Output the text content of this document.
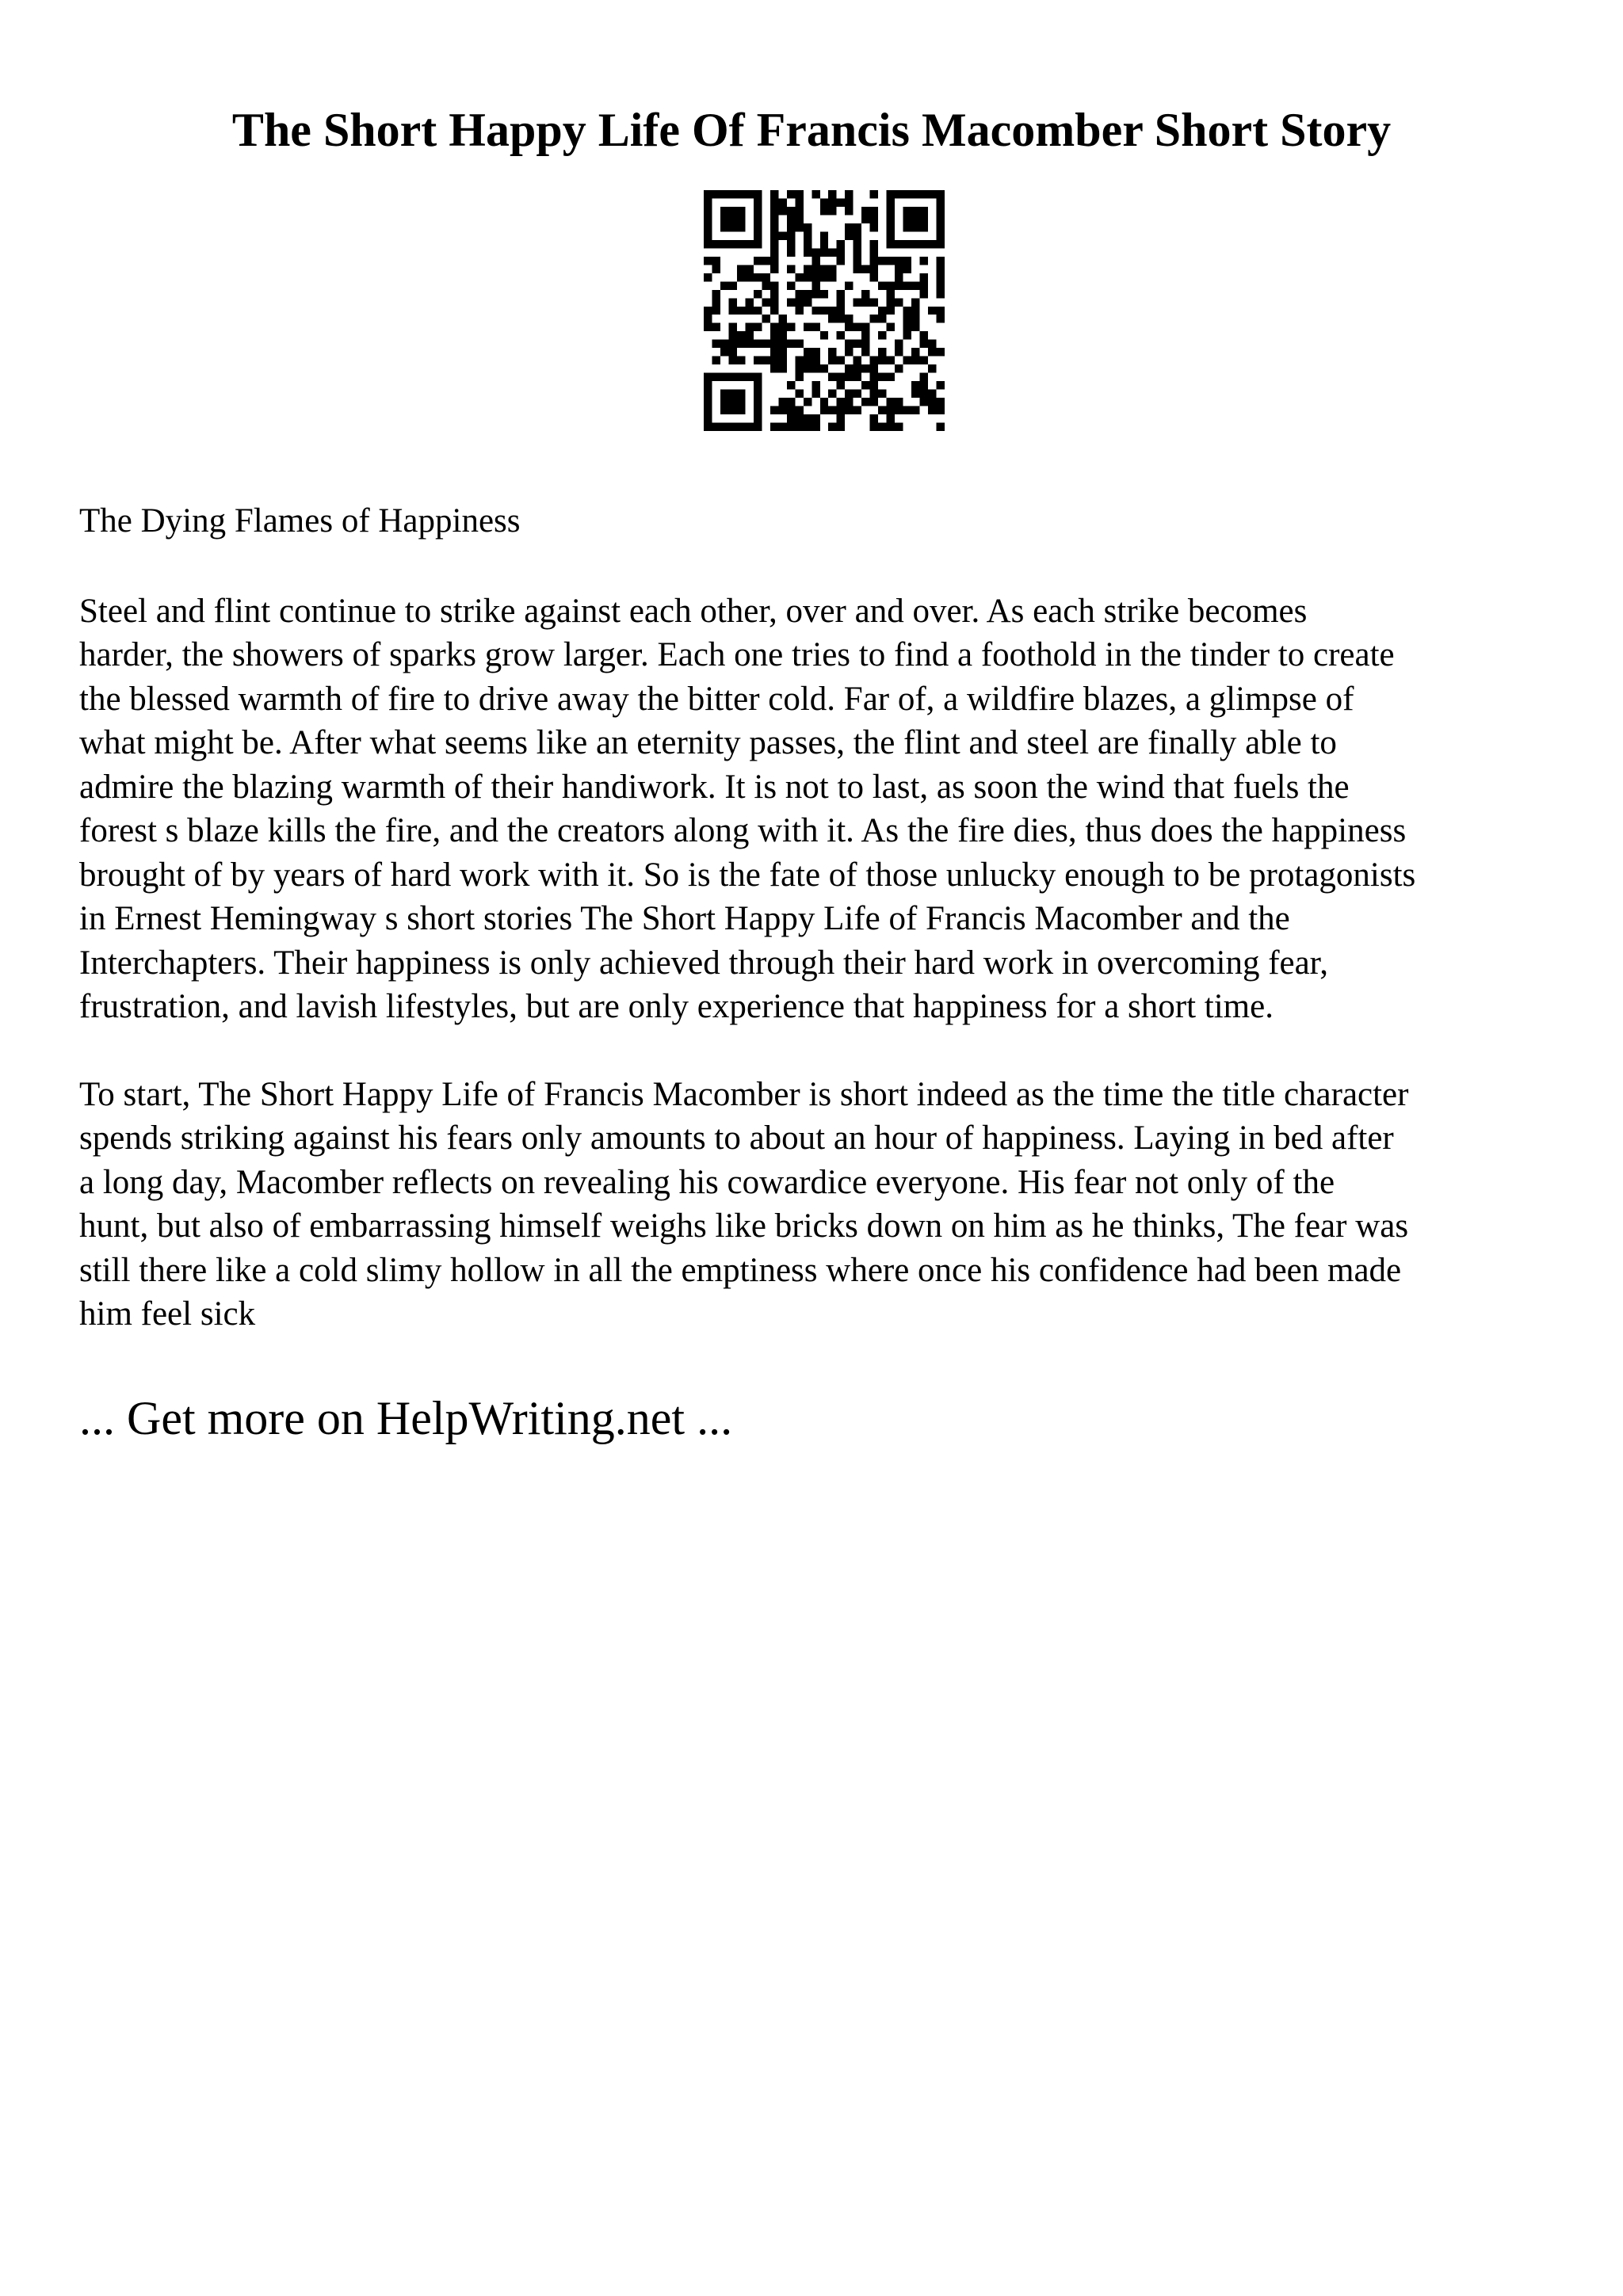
The Short Happy Life Of Francis Macomber Short Story

The Dying Flames of Happiness

Steel and flint continue to strike against each other, over and over. As each strike becomes
harder, the showers of sparks grow larger. Each one tries to find a foothold in the tinder to create
the blessed warmth of fire to drive away the bitter cold. Far of, a wildfire blazes, a glimpse of
what might be. After what seems like an eternity passes, the flint and steel are finally able to
admire the blazing warmth of their handiwork. It is not to last, as soon the wind that fuels the
forest s blaze kills the fire, and the creators along with it. As the fire dies, thus does the happiness
brought of by years of hard work with it. So is the fate of those unlucky enough to be protagonists
in Ernest Hemingway s short stories The Short Happy Life of Francis Macomber and the
Interchapters. Their happiness is only achieved through their hard work in overcoming fear,
frustration, and lavish lifestyles, but are only experience that happiness for a short time.

To start, The Short Happy Life of Francis Macomber is short indeed as the time the title character
spends striking against his fears only amounts to about an hour of happiness. Laying in bed after
a long day, Macomber reflects on revealing his cowardice everyone. His fear not only of the
hunt, but also of embarrassing himself weighs like bricks down on him as he thinks, The fear was
still there like a cold slimy hollow in all the emptiness where once his confidence had been made
him feel sick

... Get more on HelpWriting.net ...
